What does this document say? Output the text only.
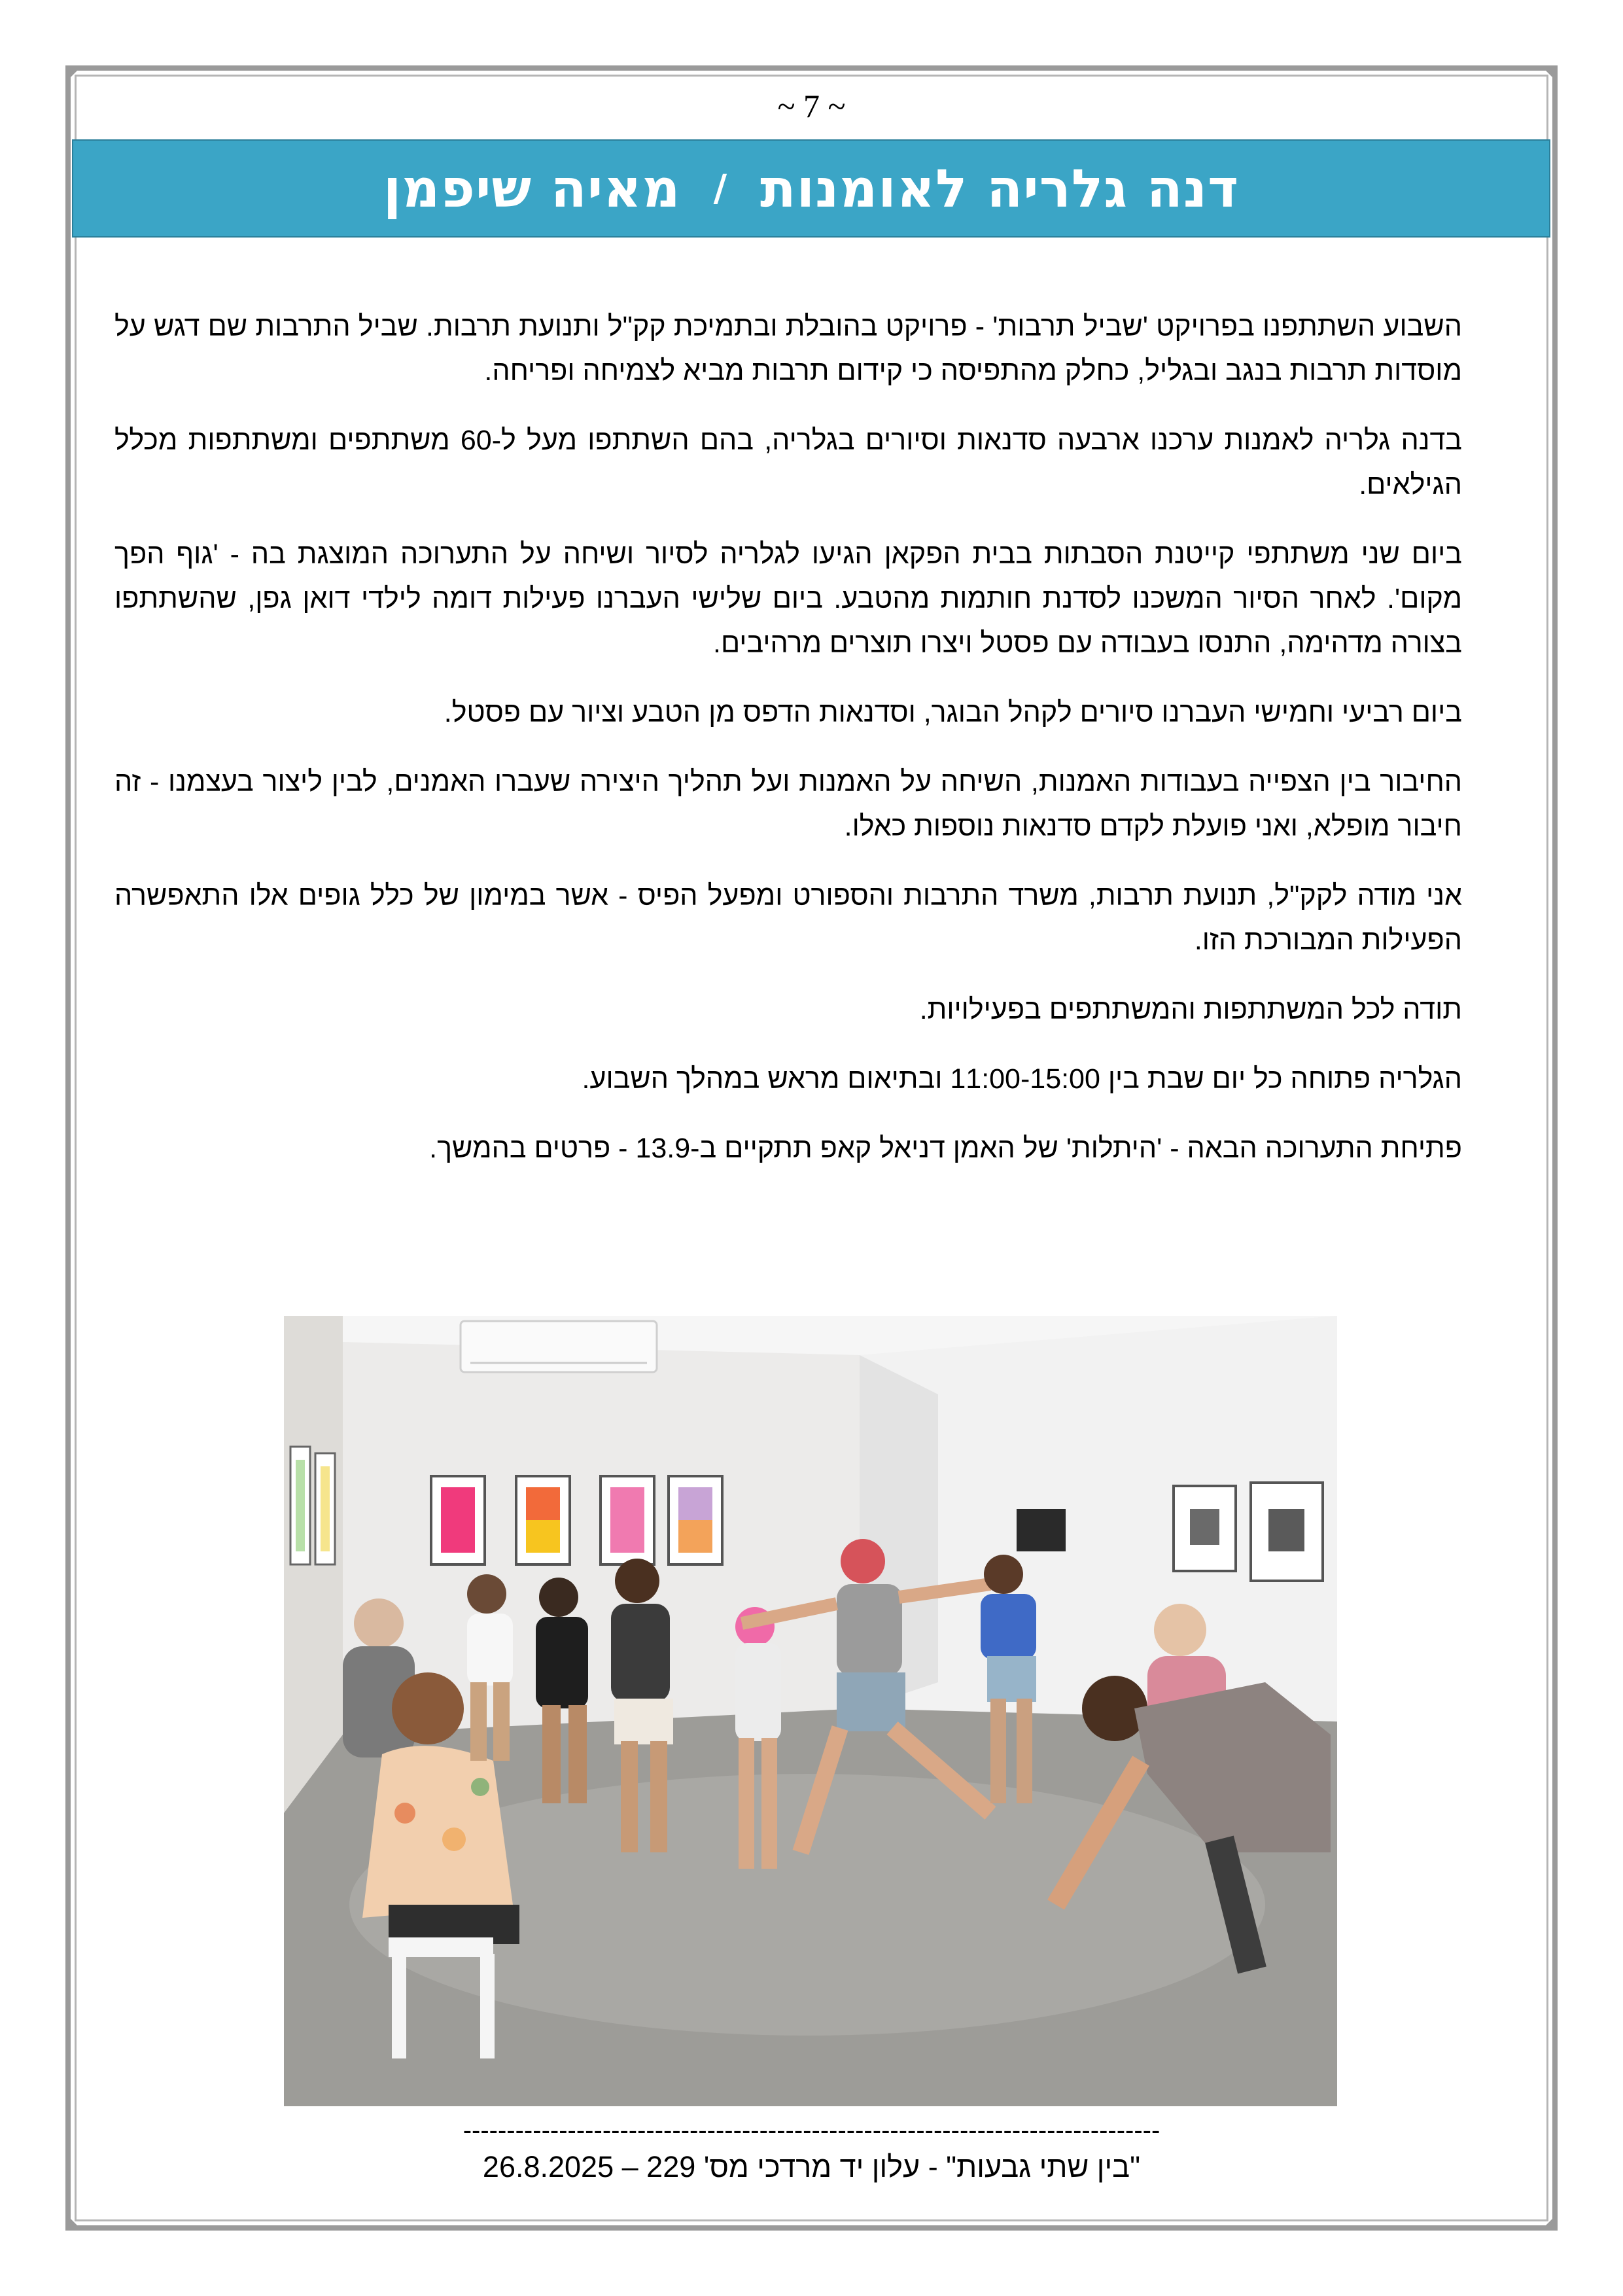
~ 7 ~
דנה גלריה לאומנות
/
מאיה שיפמן

השבוע השתתפנו בפרויקט 'שביל תרבות' - פרויקט בהובלת ובתמיכת קק"ל ותנועת תרבות. שביל התרבות שם דגש על מוסדות תרבות בנגב ובגליל, כחלק מהתפיסה כי קידום תרבות מביא לצמיחה ופריחה.

בדנה גלריה לאמנות ערכנו ארבעה סדנאות וסיורים בגלריה, בהם השתתפו מעל ל-60 משתתפים ומשתתפות מכלל הגילאים.

ביום שני משתתפי קייטנת הסבתות בבית הפקאן הגיעו לגלריה לסיור ושיחה על התערוכה המוצגת בה - 'גוף הפך מקום'. לאחר הסיור המשכנו לסדנת חותמות מהטבע. ביום שלישי העברנו פעילות דומה לילדי דואן גפן, שהשתתפו בצורה מדהימה, התנסו בעבודה עם פסטל ויצרו תוצרים מרהיבים.

ביום רביעי וחמישי העברנו סיורים לקהל הבוגר, וסדנאות הדפס מן הטבע וציור עם פסטל.

החיבור בין הצפייה בעבודות האמנות, השיחה על האמנות ועל תהליך היצירה שעברו האמנים, לבין ליצור בעצמנו - זה חיבור מופלא, ואני פועלת לקדם סדנאות נוספות כאלו.

אני מודה לקק"ל, תנועת תרבות, משרד התרבות והספורט ומפעל הפיס - אשר במימון של כלל גופים אלו התאפשרה הפעילות המבורכת הזו.

תודה לכל המשתתפות והמשתתפים בפעילויות.

הגלריה פתוחה כל יום שבת בין 11:00-15:00 ובתיאום מראש במהלך השבוע.

פתיחת התערוכה הבאה - 'היתלות' של האמן דניאל קאפ תתקיים ב-13.9 - פרטים בהמשך.

--------------------------------------------------------------------------------
"בין שתי גבעות" - עלון יד מרדכי מס' 229 – 26.8.2025
